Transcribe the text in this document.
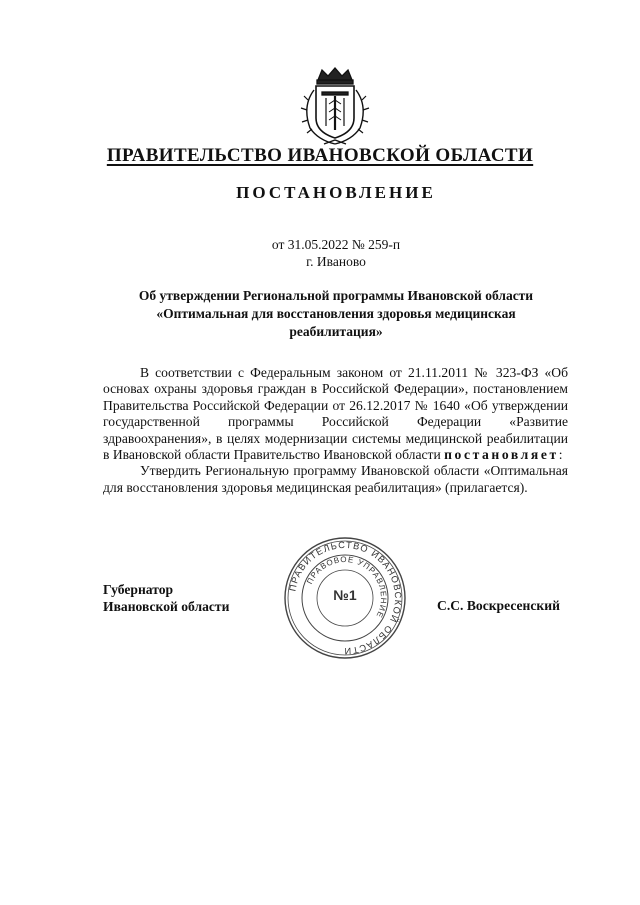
ПРАВИТЕЛЬСТВО ИВАНОВСКОЙ ОБЛАСТИ
ПОСТАНОВЛЕНИЕ
от 31.05.2022 № 259-п
г. Иваново
Об утверждении Региональной программы Ивановской области
«Оптимальная для восстановления здоровья медицинская
реабилитация»

В соответствии с Федеральным законом от 21.11.2011 № 323-ФЗ «Об основах охраны здоровья граждан в Российской Федерации», постановлением Правительства Российской Федерации от 26.12.2017 № 1640 «Об утверждении государственной программы Российской Федерации «Развитие здравоохранения», в целях модернизации системы медицинской реабилитации в Ивановской области Правительство Ивановской области постановляет:

Утвердить Региональную программу Ивановской области «Оптимальная для восстановления здоровья медицинская реабилитация» (прилагается).

Губернатор
Ивановской области
ПРАВИТЕЛЬСТВО ИВАНОВСКОЙ ОБЛАСТИ
ПРАВОВОЕ УПРАВЛЕНИЕ
№1
С.С. Воскресенский
